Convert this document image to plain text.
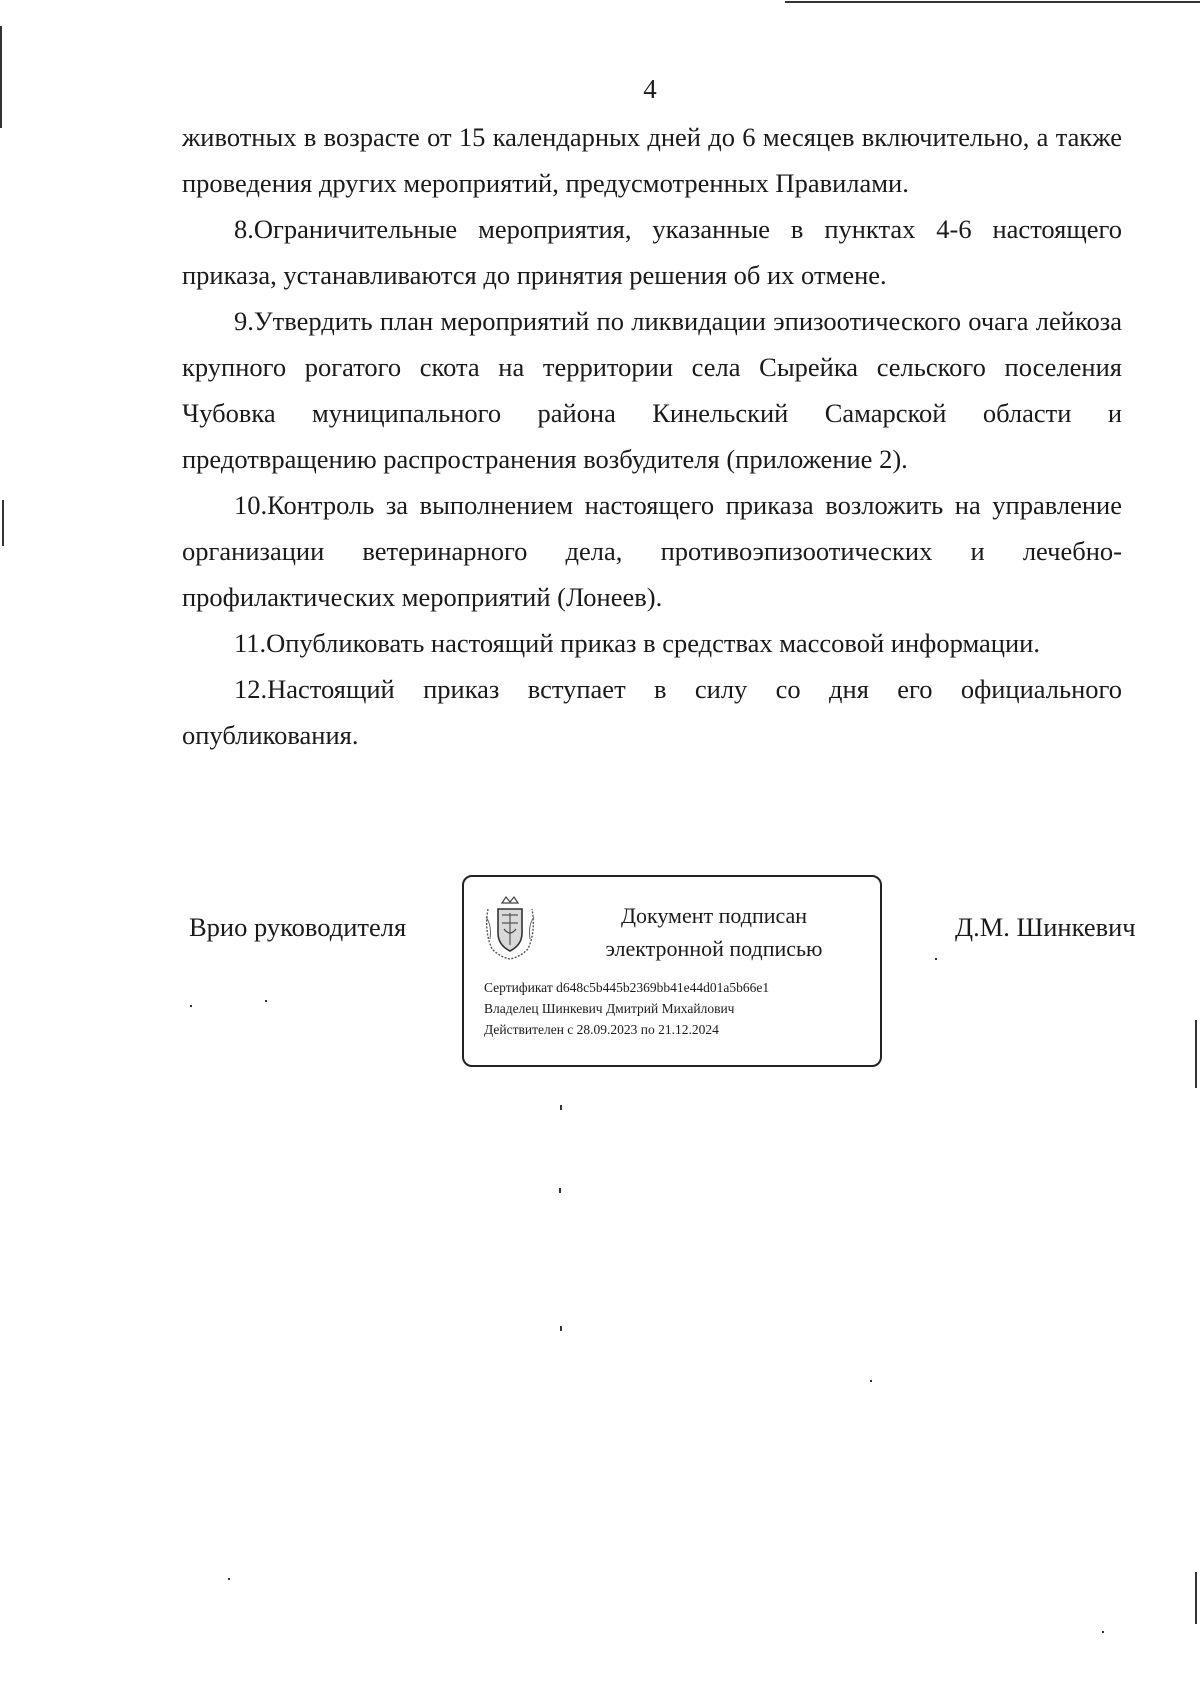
4

животных в возрасте от 15 календарных дней до 6 месяцев включительно, а также проведения других мероприятий, предусмотренных Правилами.

8.Ограничительные мероприятия, указанные в пунктах 4-6 настоящего приказа, устанавливаются до принятия решения об их отмене.

9.Утвердить план мероприятий по ликвидации эпизоотического очага лейкоза крупного рогатого скота на территории села Сырейка сельского поселения Чубовка муниципального района Кинельский Самарской области и предотвращению распространения возбудителя (приложение 2).

10.Контроль за выполнением настоящего приказа возложить на управление организации ветеринарного дела, противоэпизоотических и лечебно-профилактических мероприятий (Лонеев).

11.Опубликовать настоящий приказ в средствах массовой информации.

12.Настоящий приказ вступает в силу со дня его официального опубликования.

Врио руководителя	Документ подписан
электронной подписью
Сертификат d648c5b445b2369bb41e44d01a5b66e1
Владелец Шинкевич Дмитрий Михайлович
Действителен с 28.09.2023 по 21.12.2024
Д.М. Шинкевич
